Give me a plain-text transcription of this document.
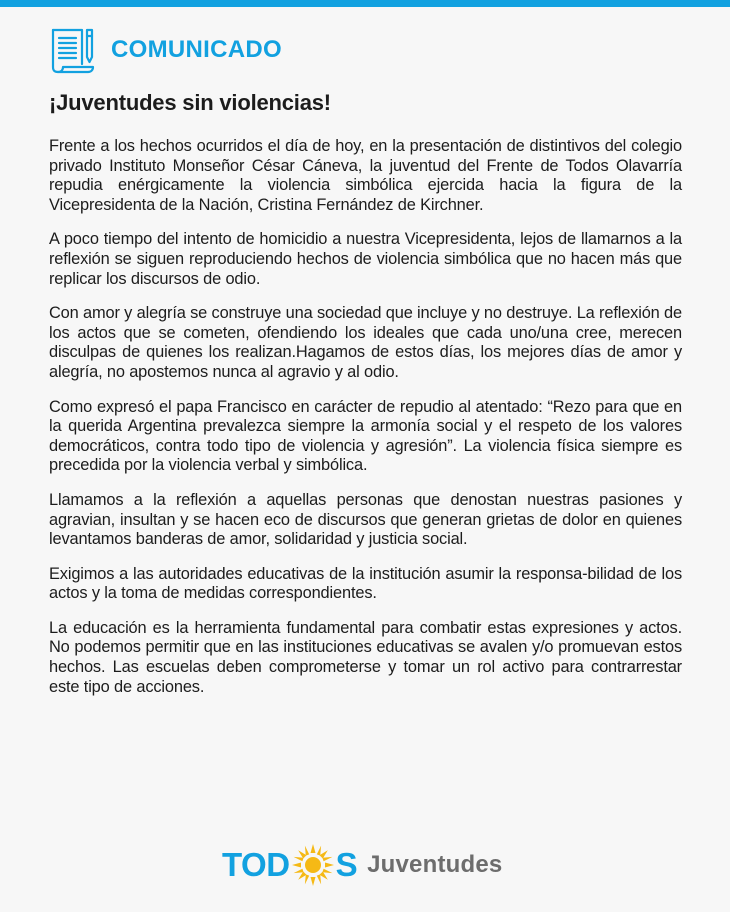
COMUNICADO
¡Juventudes sin violencias!

Frente a los hechos ocurridos el día de hoy, en la presentación de distintivos del colegio privado Instituto Monseñor César Cáneva, la juventud del Frente de Todos Olavarría repudia enérgicamente la violencia simbólica ejercida hacia la figura de la Vicepresidenta de la Nación, Cristina Fernández de Kirchner.

A poco tiempo del intento de homicidio a nuestra Vicepresidenta, lejos de llamarnos a la reflexión se siguen reproduciendo hechos de violencia simbólica que no hacen más que replicar los discursos de odio.

Con amor y alegría se construye una sociedad que incluye y no destruye. La reflexión de los actos que se cometen, ofendiendo los ideales que cada uno/una cree, merecen disculpas de quienes los realizan.Hagamos de estos días, los mejores días de amor y alegría, no apostemos nunca al agravio y al odio.

Como expresó el papa Francisco en carácter de repudio al atentado: “Rezo para que en la querida Argentina prevalezca siempre la armonía social y el respeto de los valores democráticos, contra todo tipo de violencia y agresión”. La violencia física siempre es precedida por la violencia verbal y simbólica.

Llamamos a la reflexión a aquellas personas que denostan nuestras pasiones y agravian, insultan y se hacen eco de discursos que generan grietas de dolor en quienes levantamos banderas de amor, solidaridad y justicia social.

Exigimos a las autoridades educativas de la institución asumir la responsa-bilidad de los actos y la toma de medidas correspondientes.

La educación es la herramienta fundamental para combatir estas expresiones y actos. No podemos permitir que en las instituciones educativas se avalen y/o promuevan estos hechos. Las escuelas deben comprometerse y tomar un rol activo para contrarrestar este tipo de acciones.

TOD S Juventudes
